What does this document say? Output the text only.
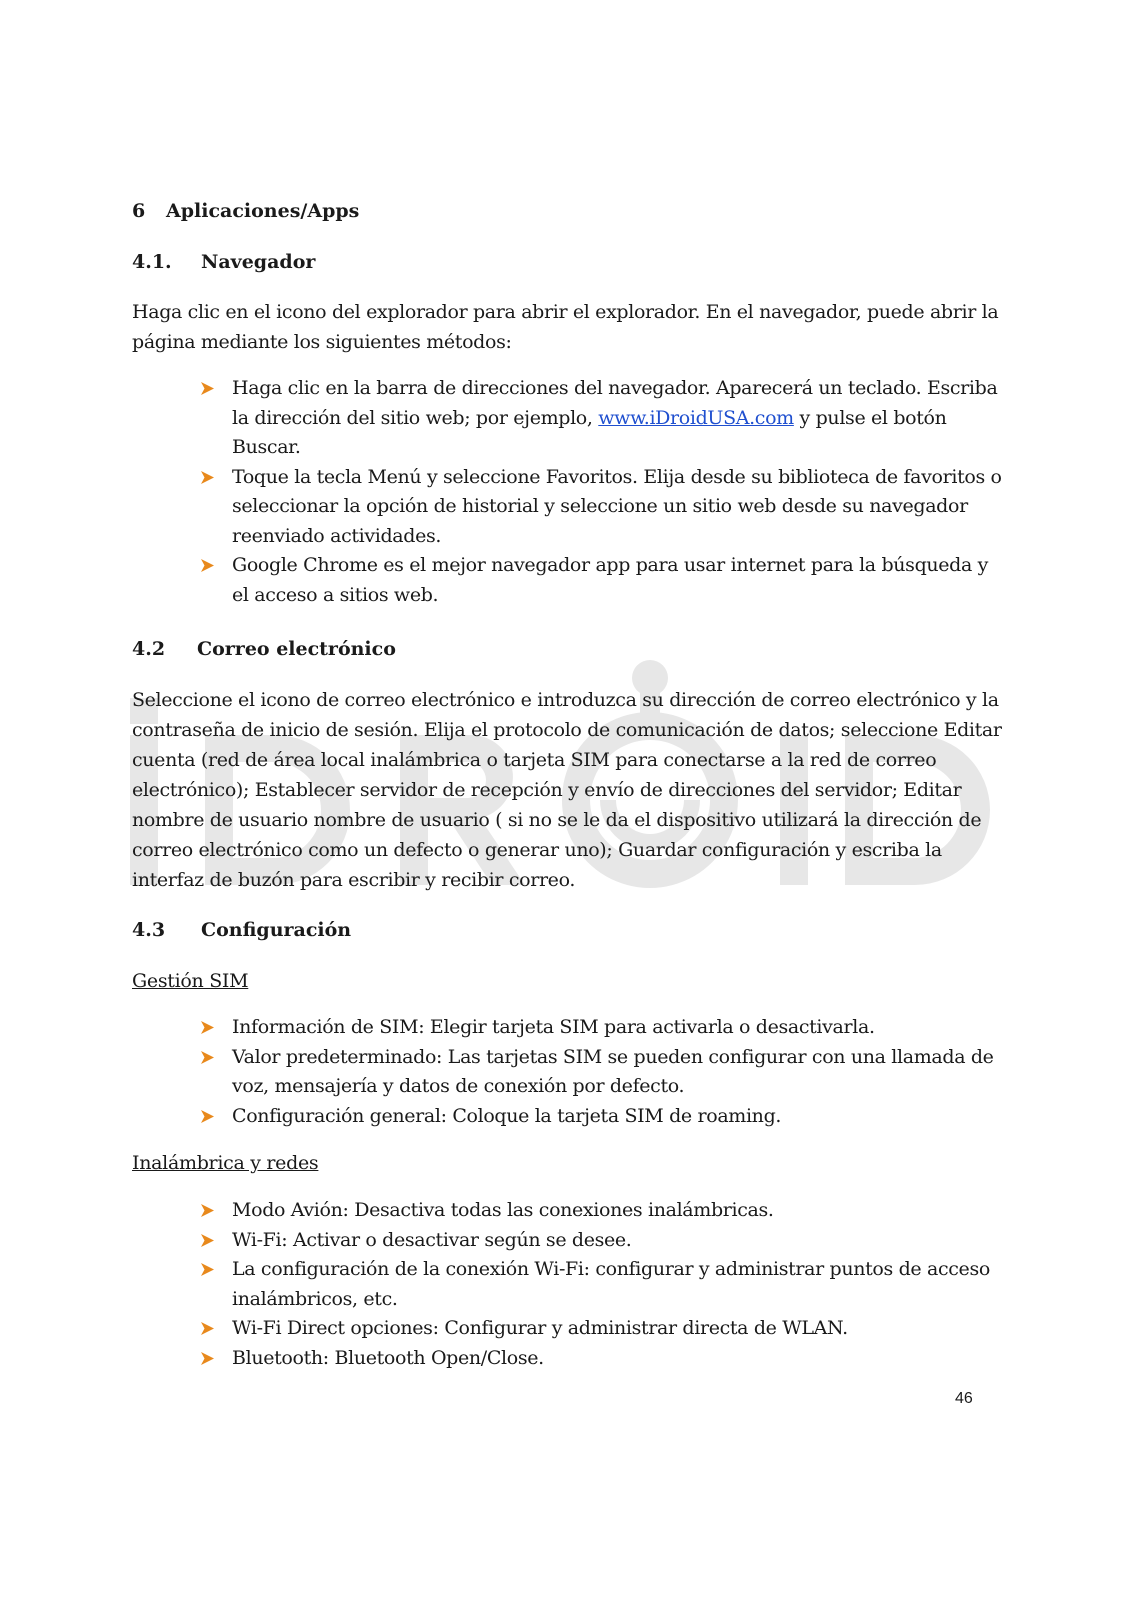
6 Aplicaciones/Apps
4.1. Navegador
Haga clic en el icono del explorador para abrir el explorador. En el navegador, puede abrir la página mediante los siguientes métodos:
Haga clic en la barra de direcciones del navegador. Aparecerá un teclado. Escriba la dirección del sitio web; por ejemplo, www.iDroidUSA.com y pulse el botón Buscar.
Toque la tecla Menú y seleccione Favoritos. Elija desde su biblioteca de favoritos o seleccionar la opción de historial y seleccione un sitio web desde su navegador reenviado actividades.
Google Chrome es el mejor navegador app para usar internet para la búsqueda y el acceso a sitios web.
4.2 Correo electrónico
Seleccione el icono de correo electrónico e introduzca su dirección de correo electrónico y la contraseña de inicio de sesión. Elija el protocolo de comunicación de datos; seleccione Editar cuenta (red de área local inalámbrica o tarjeta SIM para conectarse a la red de correo electrónico); Establecer servidor de recepción y envío de direcciones del servidor; Editar nombre de usuario nombre de usuario ( si no se le da el dispositivo utilizará la dirección de correo electrónico como un defecto o generar uno); Guardar configuración y escriba la interfaz de buzón para escribir y recibir correo.
4.3 Configuración
Gestión SIM
Información de SIM: Elegir tarjeta SIM para activarla o desactivarla.
Valor predeterminado: Las tarjetas SIM se pueden configurar con una llamada de voz, mensajería y datos de conexión por defecto.
Configuración general: Coloque la tarjeta SIM de roaming.
Inalámbrica y redes
Modo Avión: Desactiva todas las conexiones inalámbricas.
Wi-Fi: Activar o desactivar según se desee.
La configuración de la conexión Wi-Fi: configurar y administrar puntos de acceso inalámbricos, etc.
Wi-Fi Direct opciones: Configurar y administrar directa de WLAN.
Bluetooth: Bluetooth Open/Close.
46
